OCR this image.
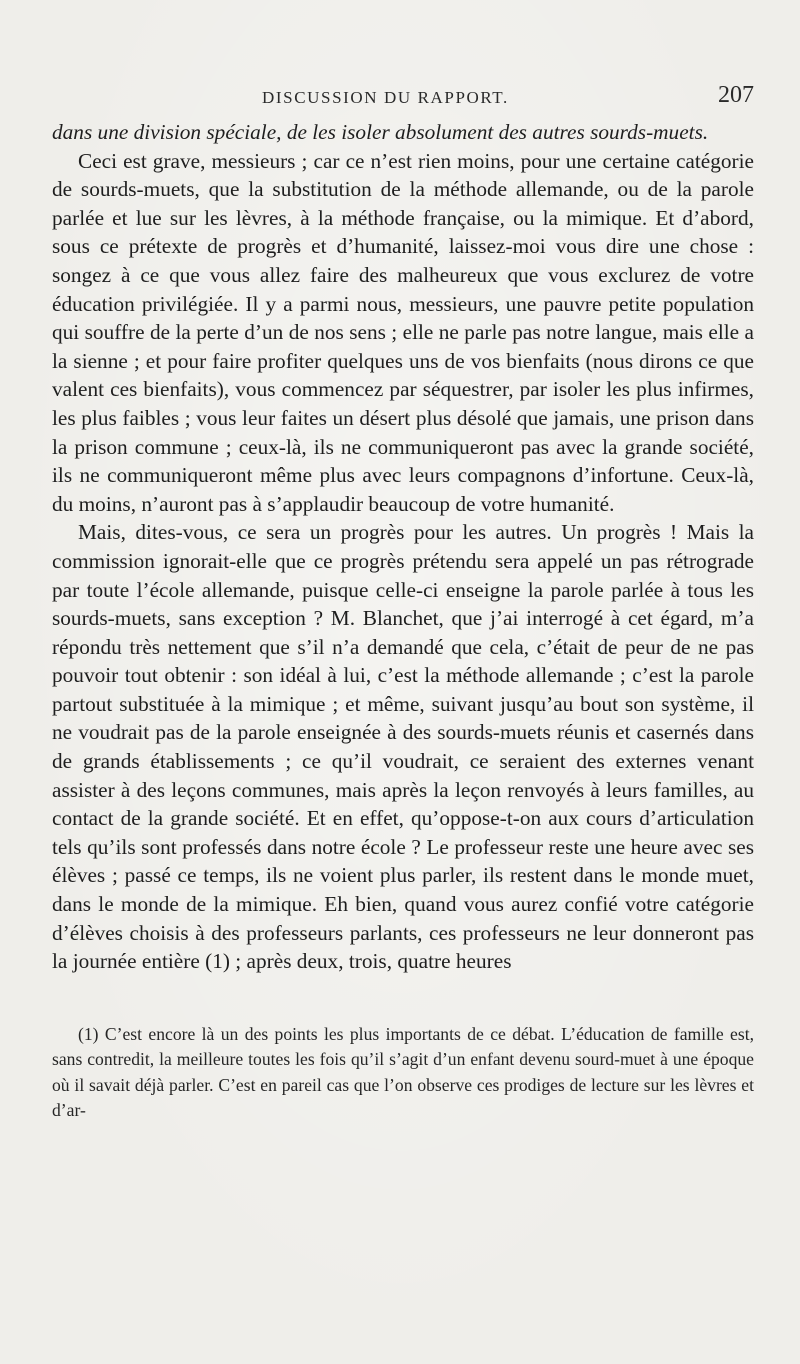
DISCUSSION DU RAPPORT.	207

dans une division spéciale, de les isoler absolument des autres sourds-muets.

Ceci est grave, messieurs ; car ce n’est rien moins, pour une certaine catégorie de sourds-muets, que la substitution de la méthode allemande, ou de la parole parlée et lue sur les lèvres, à la méthode française, ou la mimique. Et d’abord, sous ce prétexte de progrès et d’humanité, laissez-moi vous dire une chose : songez à ce que vous allez faire des malheureux que vous exclurez de votre éducation privilégiée. Il y a parmi nous, messieurs, une pauvre petite population qui souffre de la perte d’un de nos sens ; elle ne parle pas notre langue, mais elle a la sienne ; et pour faire profiter quelques uns de vos bienfaits (nous dirons ce que valent ces bienfaits), vous commencez par séquestrer, par isoler les plus infirmes, les plus faibles ; vous leur faites un désert plus désolé que jamais, une prison dans la prison commune ; ceux-là, ils ne communiqueront pas avec la grande société, ils ne communiqueront même plus avec leurs compagnons d’infortune. Ceux-là, du moins, n’auront pas à s’applaudir beaucoup de votre humanité.

Mais, dites-vous, ce sera un progrès pour les autres. Un progrès ! Mais la commission ignorait-elle que ce progrès prétendu sera appelé un pas rétrograde par toute l’école allemande, puisque celle-ci enseigne la parole parlée à tous les sourds-muets, sans exception ? M. Blanchet, que j’ai interrogé à cet égard, m’a répondu très nettement que s’il n’a demandé que cela, c’était de peur de ne pas pouvoir tout obtenir : son idéal à lui, c’est la méthode allemande ; c’est la parole partout substituée à la mimique ; et même, suivant jusqu’au bout son système, il ne voudrait pas de la parole enseignée à des sourds-muets réunis et casernés dans de grands établissements ; ce qu’il voudrait, ce seraient des externes venant assister à des leçons communes, mais après la leçon renvoyés à leurs familles, au contact de la grande société. Et en effet, qu’oppose-t-on aux cours d’articulation tels qu’ils sont professés dans notre école ? Le professeur reste une heure avec ses élèves ; passé ce temps, ils ne voient plus parler, ils restent dans le monde muet, dans le monde de la mimique. Eh bien, quand vous aurez confié votre catégorie d’élèves choisis à des professeurs parlants, ces professeurs ne leur donneront pas la journée entière (1) ; après deux, trois, quatre heures

(1) C’est encore là un des points les plus importants de ce débat. L’éducation de famille est, sans contredit, la meilleure toutes les fois qu’il s’agit d’un enfant devenu sourd-muet à une époque où il savait déjà parler. C’est en pareil cas que l’on observe ces prodiges de lecture sur les lèvres et d’ar-
